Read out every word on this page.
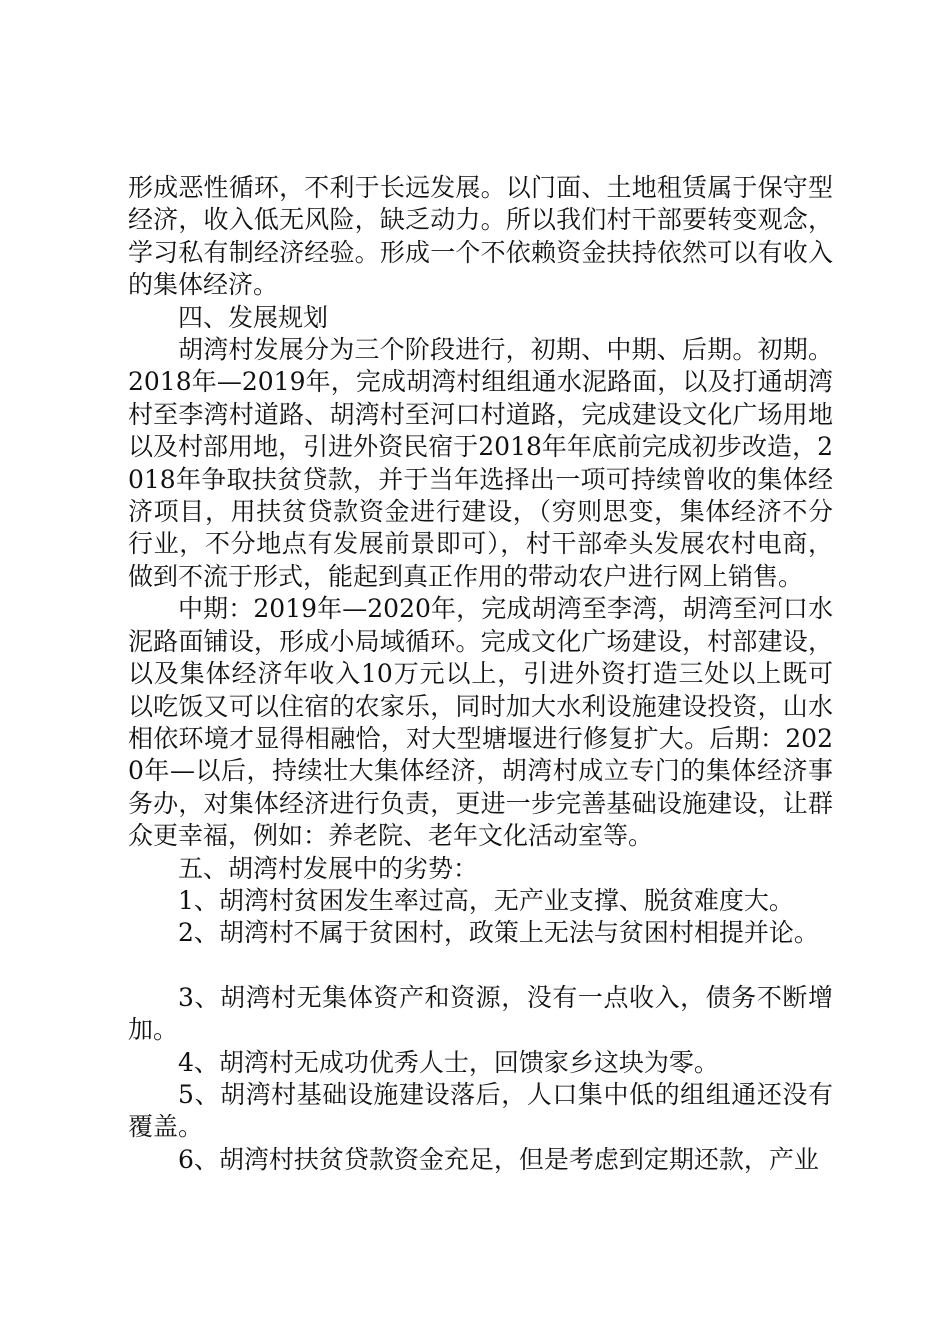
形成恶性循环，不利于长远发展。以门面、土地租赁属于保守型经济，收入低无风险，缺乏动力。所以我们村干部要转变观念，学习私有制经济经验。形成一个不依赖资金扶持依然可以有收入的集体经济。

四、发展规划

胡湾村发展分为三个阶段进行，初期、中期、后期。初期。2018年—2019年，完成胡湾村组组通水泥路面，以及打通胡湾村至李湾村道路、胡湾村至河口村道路，完成建设文化广场用地以及村部用地，引进外资民宿于2018年年底前完成初步改造，2018年争取扶贫贷款，并于当年选择出一项可持续曾收的集体经济项目，用扶贫贷款资金进行建设，（穷则思变，集体经济不分行业，不分地点有发展前景即可），村干部牵头发展农村电商，做到不流于形式，能起到真正作用的带动农户进行网上销售。

中期：2019年—2020年，完成胡湾至李湾，胡湾至河口水泥路面铺设，形成小局域循环。完成文化广场建设，村部建设，以及集体经济年收入10万元以上，引进外资打造三处以上既可以吃饭又可以住宿的农家乐，同时加大水利设施建设投资，山水相依环境才显得相融恰，对大型塘堰进行修复扩大。后期：2020年—以后，持续壮大集体经济，胡湾村成立专门的集体经济事务办，对集体经济进行负责，更进一步完善基础设施建设，让群众更幸福，例如：养老院、老年文化活动室等。

五、胡湾村发展中的劣势：

1、胡湾村贫困发生率过高，无产业支撑、脱贫难度大。

2、胡湾村不属于贫困村，政策上无法与贫困村相提并论。

3、胡湾村无集体资产和资源，没有一点收入，债务不断增加。

4、胡湾村无成功优秀人士，回馈家乡这块为零。

5、胡湾村基础设施建设落后，人口集中低的组组通还没有覆盖。

6、胡湾村扶贫贷款资金充足，但是考虑到定期还款，产业
